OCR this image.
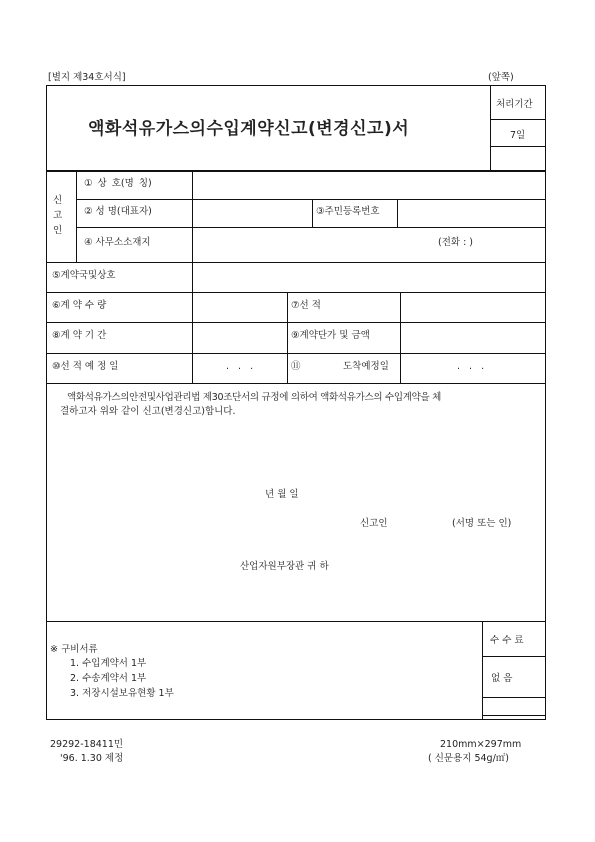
[별지 제34호서식]	(앞쪽)
액화석유가스의수입계약신고(변경신고)서
처리기간
7일
신
고
인
① 상 호(명 칭)
② 성 명(대표자)	③주민등록번호
④ 사무소소재지	(전화 : )
⑤계약국및상호
⑥계 약 수 량	⑦선 적
⑧계 약 기 간	⑨계약단가 및 금액
⑩선 적 예 정 일	. . .	⑪	도착예정일	. . .
액화석유가스의안전및사업관리법 제30조단서의 규정에 의하여 액화석유가스의 수입계약을 체
결하고자 위와 같이 신고(변경신고)합니다.
년 월 일
신고인	(서명 또는 인)
산업자원부장관 귀 하
※ 구비서류
1. 수입계약서 1부
2. 수송계약서 1부
3. 저장시설보유현황 1부
수 수 료
없 음
29292-18411민
'96. 1.30 제정
210mm×297mm
( 신문용지 54g/㎡)
